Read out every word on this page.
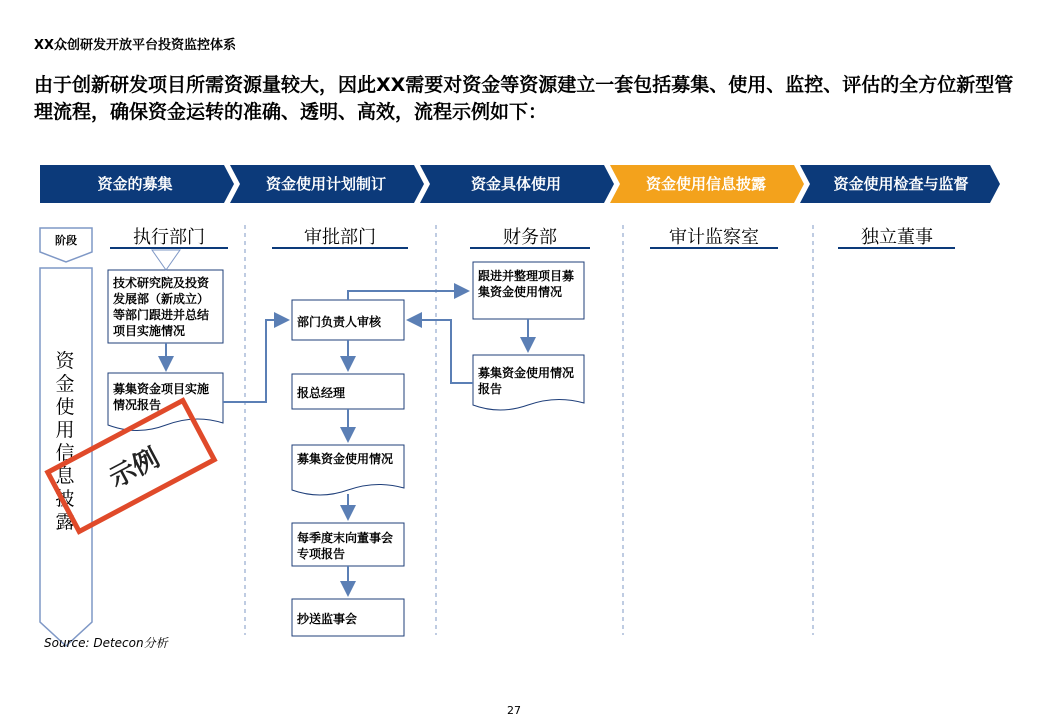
XX众创研发开放平台投资监控体系
由于创新研发项目所需资源量较大，因此XX需要对资金等资源建立一套包括募集、使用、监控、评估的全方位新型管理流程，确保资金运转的准确、透明、高效，流程示例如下：
资金的募集	资金使用计划制订	资金具体使用	资金使用信息披露	资金使用检查与监督
阶段
资
金
使
用
信
息
披
露
执行部门	审批部门	财务部	审计监察室	独立董事
技术研究院及投资发展部（新成立）等部门跟进并总结项目实施情况
募集资金项目实施情况报告
部门负责人审核
报总经理
募集资金使用情况
每季度末向董事会专项报告
抄送监事会
跟进并整理项目募集资金使用情况
募集资金使用情况报告
示例
Source: Detecon分析
27
